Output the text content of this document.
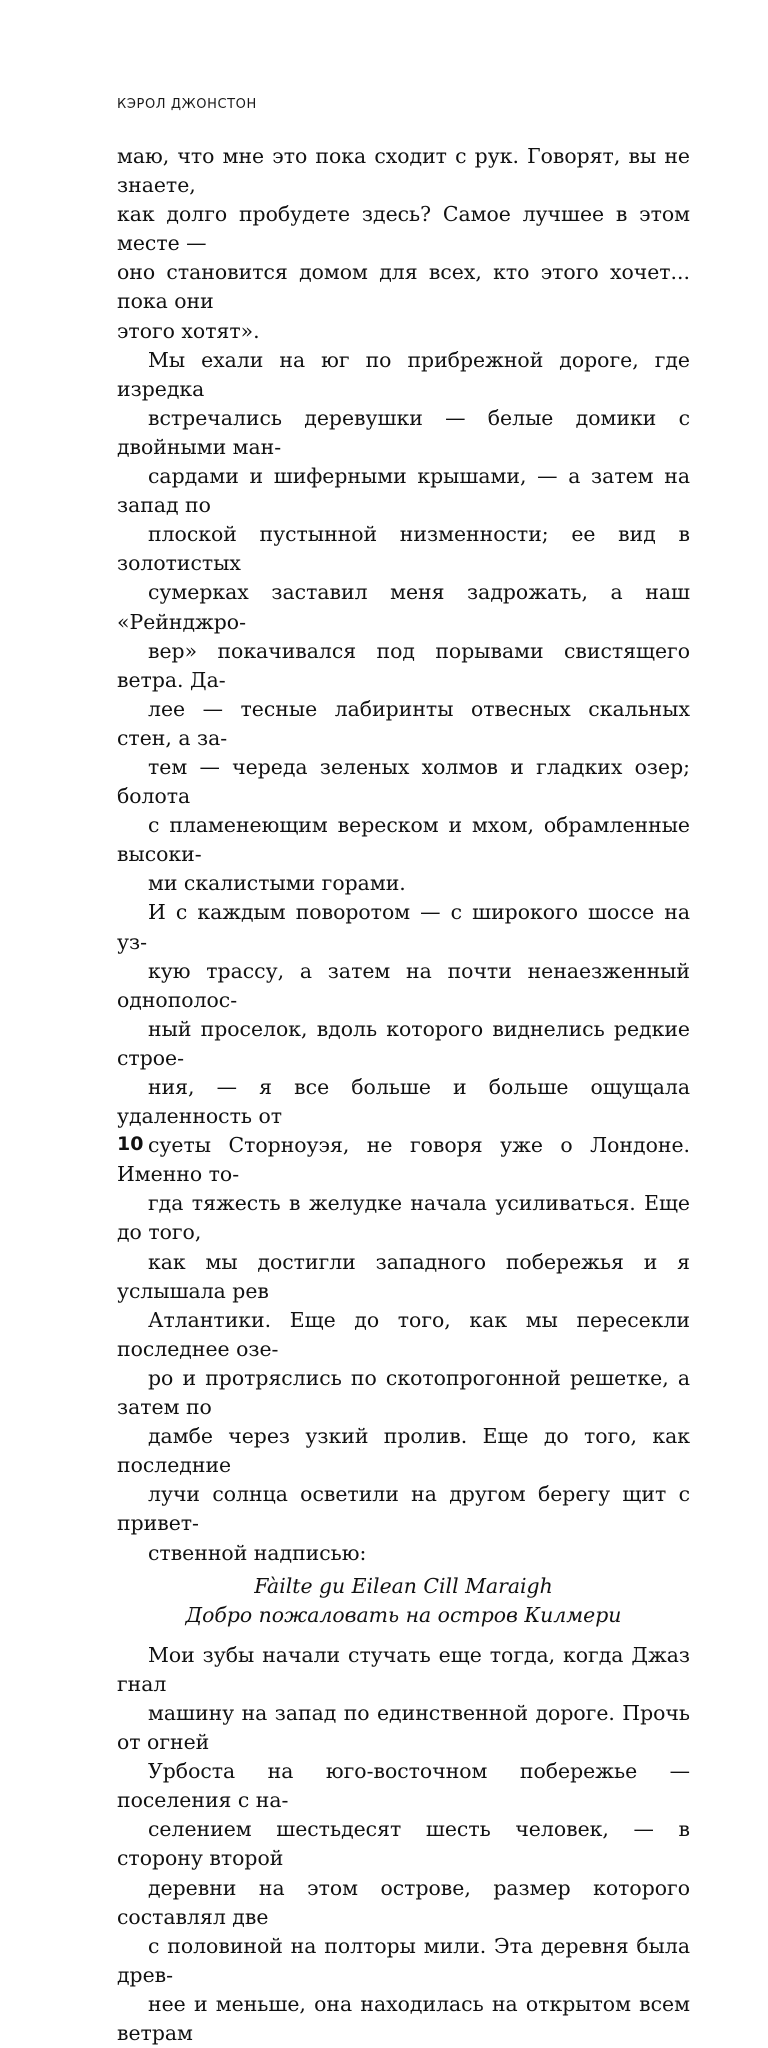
КЭРОЛ ДЖОНСТОН

маю, что мне это пока сходит с рук. Говорят, вы не знаете,
как долго пробудете здесь? Самое лучшее в этом месте —
оно становится домом для всех, кто этого хочет... пока они
этого хотят».

Мы ехали на юг по прибрежной дороге, где изредка
встречались деревушки — белые домики с двойными ман-
сардами и шиферными крышами, — а затем на запад по
плоской пустынной низменности; ее вид в золотистых
сумерках заставил меня задрожать, а наш «Рейнджро-
вер» покачивался под порывами свистящего ветра. Да-
лее — тесные лабиринты отвесных скальных стен, а за-
тем — череда зеленых холмов и гладких озер; болота
с пламенеющим вереском и мхом, обрамленные высоки-
ми скалистыми горами.

И с каждым поворотом — с широкого шоссе на уз-
кую трассу, а затем на почти ненаезженный однополос-
ный проселок, вдоль которого виднелись редкие строе-
ния, — я все больше и больше ощущала удаленность от
суеты Сторноуэя, не говоря уже о Лондоне. Именно то-
гда тяжесть в желудке начала усиливаться. Еще до того,
как мы достигли западного побережья и я услышала рев
Атлантики. Еще до того, как мы пересекли последнее озе-
ро и протряслись по скотопрогонной решетке, а затем по
дамбе через узкий пролив. Еще до того, как последние
лучи солнца осветили на другом берегу щит с привет-
ственной надписью:

Fàilte gu Eilean Cill Maraigh
Добро пожаловать на остров Килмери

Мои зубы начали стучать еще тогда, когда Джаз гнал
машину на запад по единственной дороге. Прочь от огней
Урбоста на юго-восточном побережье — поселения с на-
селением шестьдесят шесть человек, — в сторону второй
деревни на этом острове, размер которого составлял две
с половиной на полторы мили. Эта деревня была древ-
нее и меньше, она находилась на открытом всем ветрам

10
